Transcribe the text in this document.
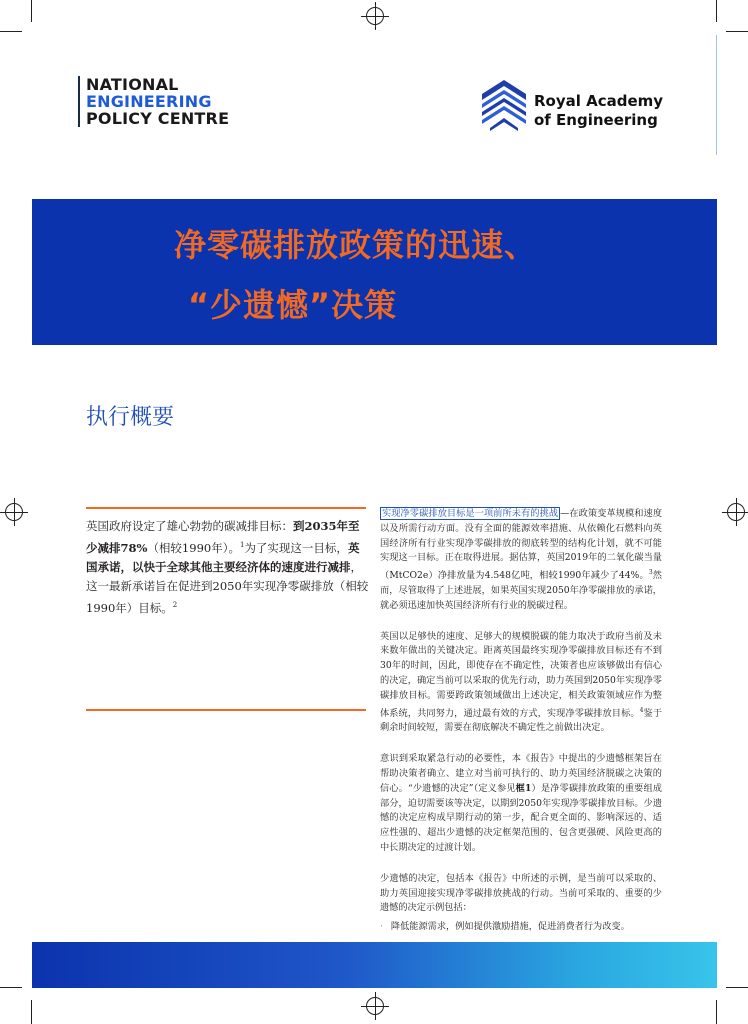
NATIONAL
ENGINEERING
POLICY CENTRE
Royal Academy
of Engineering
净零碳排放政策的迅速、
“少遗憾”决策
执行概要
英国政府设定了雄心勃勃的碳减排目标：到2035年至少减排78%（相较1990年）。$^1$为了实现这一目标，英国承诺，以快于全球其他主要经济体的速度进行减排，这一最新承诺旨在促进到2050年实现净零碳排放（相较1990年）目标。$^2$

实现净零碳排放目标是一项前所未有的挑战 —在政策变革规模和速度以及所需行动方面。没有全面的能源效率措施、从依赖化石燃料向英国经济所有行业实现净零碳排放的彻底转型的结构化计划，就不可能实现这一目标。正在取得进展。据估算，英国2019年的二氧化碳当量（MtCO2e）净排放量为4.548亿吨，相较1990年减少了44%。$^3$然而，尽管取得了上述进展，如果英国实现2050年净零碳排放的承诺，就必须迅速加快英国经济所有行业的脱碳过程。

英国以足够快的速度、足够大的规模脱碳的能力取决于政府当前及未来数年做出的关键决定。距离英国最终实现净零碳排放目标还有不到30年的时间，因此，即使存在不确定性，决策者也应该够做出有信心的决定，确定当前可以采取的优先行动，助力英国到2050年实现净零碳排放目标。需要跨政策领域做出上述决定，相关政策领域应作为整体系统，共同努力，通过最有效的方式，实现净零碳排放目标。$^4$鉴于剩余时间较短，需要在彻底解决不确定性之前做出决定。

意识到采取紧急行动的必要性，本《报告》中提出的少遗憾框架旨在帮助决策者确立、建立对当前可执行的、助力英国经济脱碳之决策的信心。“少遗憾的决定”（定义参见框1）是净零碳排放政策的重要组成部分，迫切需要该等决定，以期到2050年实现净零碳排放目标。少遗憾的决定应构成早期行动的第一步，配合更全面的、影响深远的、适应性强的、超出少遗憾的决定框架范围的、包含更强硬、风险更高的中长期决定的过渡计划。

少遗憾的决定，包括本《报告》中所述的示例，是当前可以采取的、助力英国迎接实现净零碳排放挑战的行动。当前可采取的、重要的少遗憾的决定示例包括：

· 降低能源需求，例如提供激励措施，促进消费者行为改变。
